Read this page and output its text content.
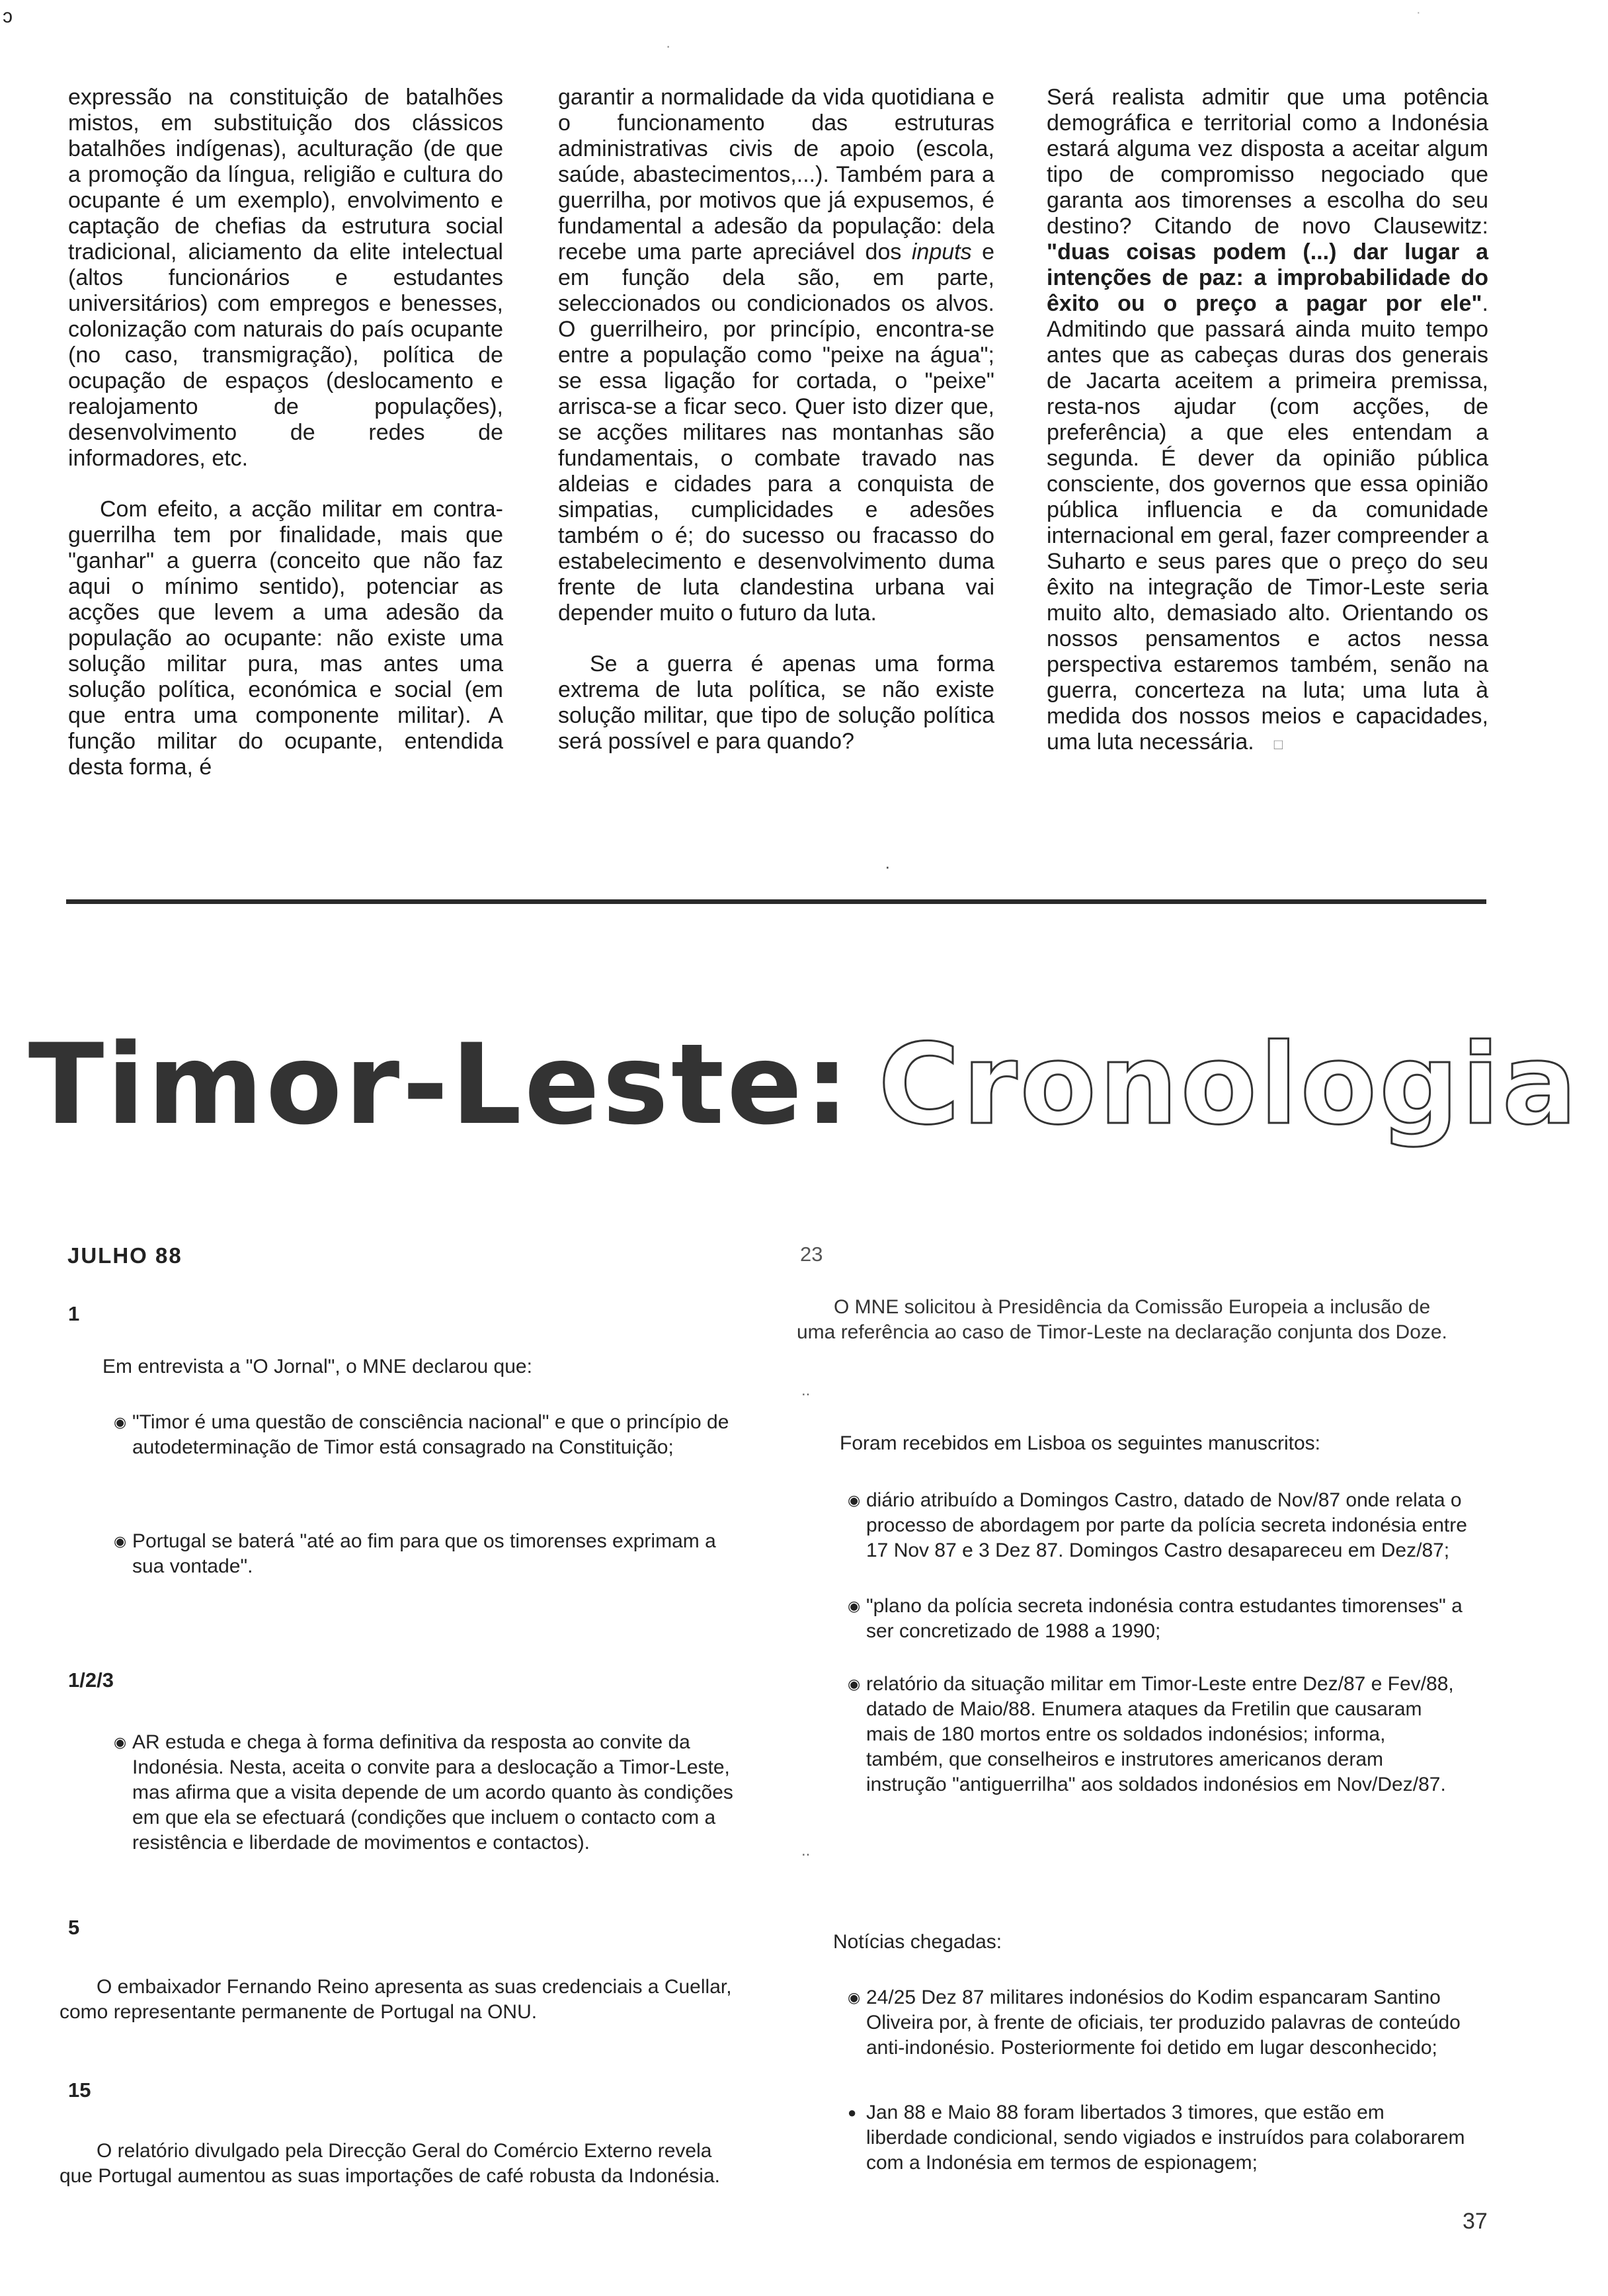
ɔ
·
·

expressão na constituição de batalhões mistos, em substituição dos clássicos batalhões indígenas), aculturação (de que a promoção da língua, religião e cultura do ocupante é um exemplo), envolvimento e captação de chefias da estrutura social tradicional, aliciamento da elite intelectual (altos funcionários e estudantes universitários) com empregos e benesses, colonização com naturais do país ocupante (no caso, transmigração), política de ocupação de espaços (deslocamento e realojamento de populações), desenvolvimento de redes de informadores, etc.

Com efeito, a acção militar em contra-guerrilha tem por finalidade, mais que "ganhar" a guerra (conceito que não faz aqui o mínimo sentido), potenciar as acções que levem a uma adesão da população ao ocupante: não existe uma solução militar pura, mas antes uma solução política, económica e social (em que entra uma componente militar). A função militar do ocupante, entendida desta forma, é

garantir a normalidade da vida quotidiana e o funcionamento das estruturas administrativas civis de apoio (escola, saúde, abastecimentos,...). Também para a guerrilha, por motivos que já expusemos, é fundamental a adesão da população: dela recebe uma parte apreciável dos inputs e em função dela são, em parte, seleccionados ou condicionados os alvos. O guerrilheiro, por princípio, encontra-se entre a população como "peixe na água"; se essa ligação for cortada, o "peixe" arrisca-se a ficar seco. Quer isto dizer que, se acções militares nas montanhas são fundamentais, o combate travado nas aldeias e cidades para a conquista de simpatias, cumplicidades e adesões também o é; do sucesso ou fracasso do estabelecimento e desenvolvimento duma frente de luta clandestina urbana vai depender muito o futuro da luta.

Se a guerra é apenas uma forma extrema de luta política, se não existe solução militar, que tipo de solução política será possível e para quando?

Será realista admitir que uma potência demográfica e territorial como a Indonésia estará alguma vez disposta a aceitar algum tipo de compromisso negociado que garanta aos timorenses a escolha do seu destino? Citando de novo Clausewitz: "duas coisas podem (...) dar lugar a intenções de paz: a improbabilidade do êxito ou o preço a pagar por ele". Admitindo que passará ainda muito tempo antes que as cabeças duras dos generais de Jacarta aceitem a primeira premissa, resta-nos ajudar (com acções, de preferência) a que eles entendam a segunda. É dever da opinião pública consciente, dos governos que essa opinião pública influencia e da comunidade internacional em geral, fazer compreender a Suharto e seus pares que o preço do seu êxito na integração de Timor-Leste seria muito alto, demasiado alto. Orientando os nossos pensamentos e actos nessa perspectiva estaremos também, senão na guerra, concerteza na luta; uma luta à medida dos nossos meios e capacidades, uma luta necessária. □

·
Timor-Leste: Cronologia
JULHO 88
1
Em entrevista a "O Jornal", o MNE declarou que:
◉ "Timor é uma questão de consciência nacional" e que o princípio de autodeterminação de Timor está consagrado na Constituição;
◉ Portugal se baterá "até ao fim para que os timorenses exprimam a sua vontade".
1/2/3
◉ AR estuda e chega à forma definitiva da resposta ao convite da Indonésia. Nesta, aceita o convite para a deslocação a Timor-Leste, mas afirma que a visita depende de um acordo quanto às condições em que ela se efectuará (condições que incluem o contacto com a resistência e liberdade de movimentos e contactos).
5
O embaixador Fernando Reino apresenta as suas credenciais a Cuellar, como representante permanente de Portugal na ONU.
15
O relatório divulgado pela Direcção Geral do Comércio Externo revela que Portugal aumentou as suas importações de café robusta da Indonésia.
23
O MNE solicitou à Presidência da Comissão Europeia a inclusão de uma referência ao caso de Timor-Leste na declaração conjunta dos Doze.
..
Foram recebidos em Lisboa os seguintes manuscritos:
◉ diário atribuído a Domingos Castro, datado de Nov/87 onde relata o processo de abordagem por parte da polícia secreta indonésia entre 17 Nov 87 e 3 Dez 87. Domingos Castro desapareceu em Dez/87;
◉ "plano da polícia secreta indonésia contra estudantes timorenses" a ser concretizado de 1988 a 1990;
◉ relatório da situação militar em Timor-Leste entre Dez/87 e Fev/88, datado de Maio/88. Enumera ataques da Fretilin que causaram mais de 180 mortos entre os soldados indonésios; informa, também, que conselheiros e instrutores americanos deram instrução "antiguerrilha" aos soldados indonésios em Nov/Dez/87.
..
Notícias chegadas:
◉ 24/25 Dez 87 militares indonésios do Kodim espancaram Santino Oliveira por, à frente de oficiais, ter produzido palavras de conteúdo anti-indonésio. Posteriormente foi detido em lugar desconhecido;
● Jan 88 e Maio 88 foram libertados 3 timores, que estão em liberdade condicional, sendo vigiados e instruídos para colaborarem com a Indonésia em termos de espionagem;
37
